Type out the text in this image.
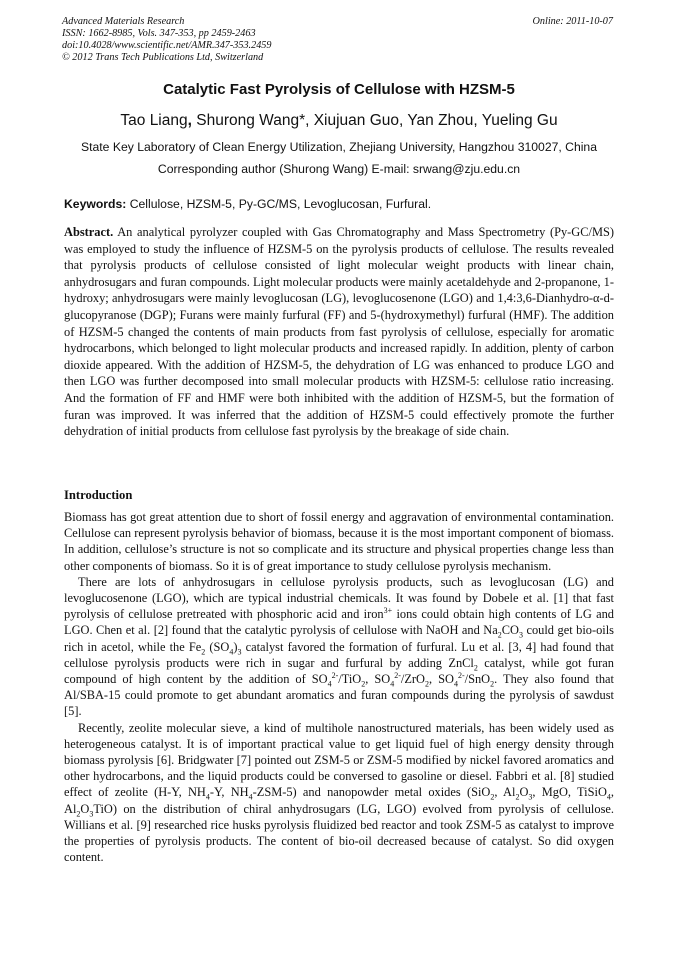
Advanced Materials Research
ISSN: 1662-8985, Vols. 347-353, pp 2459-2463
doi:10.4028/www.scientific.net/AMR.347-353.2459
© 2012 Trans Tech Publications Ltd, Switzerland
Online: 2011-10-07
Catalytic Fast Pyrolysis of Cellulose with HZSM-5
Tao Liang, Shurong Wang*, Xiujuan Guo, Yan Zhou, Yueling Gu
State Key Laboratory of Clean Energy Utilization, Zhejiang University, Hangzhou 310027, China
Corresponding author (Shurong Wang) E-mail: srwang@zju.edu.cn
Keywords: Cellulose, HZSM-5, Py-GC/MS, Levoglucosan, Furfural.
Abstract. An analytical pyrolyzer coupled with Gas Chromatography and Mass Spectrometry (Py-GC/MS) was employed to study the influence of HZSM-5 on the pyrolysis products of cellulose. The results revealed that pyrolysis products of cellulose consisted of light molecular weight products with linear chain, anhydrosugars and furan compounds. Light molecular products were mainly acetaldehyde and 2-propanone, 1-hydroxy; anhydrosugars were mainly levoglucosan (LG), levoglucosenone (LGO) and 1,4:3,6-Dianhydro-α-d-glucopyranose (DGP); Furans were mainly furfural (FF) and 5-(hydroxymethyl) furfural (HMF). The addition of HZSM-5 changed the contents of main products from fast pyrolysis of cellulose, especially for aromatic hydrocarbons, which belonged to light molecular products and increased rapidly. In addition, plenty of carbon dioxide appeared. With the addition of HZSM-5, the dehydration of LG was enhanced to produce LGO and then LGO was further decomposed into small molecular products with HZSM-5: cellulose ratio increasing. And the formation of FF and HMF were both inhibited with the addition of HZSM-5, but the formation of furan was improved. It was inferred that the addition of HZSM-5 could effectively promote the further dehydration of initial products from cellulose fast pyrolysis by the breakage of side chain.
Introduction

Biomass has got great attention due to short of fossil energy and aggravation of environmental contamination. Cellulose can represent pyrolysis behavior of biomass, because it is the most important component of biomass. In addition, cellulose’s structure is not so complicate and its structure and physical properties change less than other components of biomass. So it is of great importance to study cellulose pyrolysis mechanism.

There are lots of anhydrosugars in cellulose pyrolysis products, such as levoglucosan (LG) and levoglucosenone (LGO), which are typical industrial chemicals. It was found by Dobele et al. [1] that fast pyrolysis of cellulose pretreated with phosphoric acid and iron$^{3+}$ ions could obtain high contents of LG and LGO. Chen et al. [2] found that the catalytic pyrolysis of cellulose with NaOH and $Na_2CO_3$ could get bio-oils rich in acetol, while the $Fe_2$ $(SO_4)_3$ catalyst favored the formation of furfural. Lu et al. [3, 4] had found that cellulose pyrolysis products were rich in sugar and furfural by adding ZnCl$_2$ catalyst, while got furan compound of high content by the addition of $SO_4^{2-}/TiO_2$, $SO_4^{2-}/ZrO_2$, $SO_4^{2-}/SnO_2$. They also found that Al/SBA-15 could promote to get abundant aromatics and furan compounds during the pyrolysis of sawdust [5].

Recently, zeolite molecular sieve, a kind of multihole nanostructured materials, has been widely used as heterogeneous catalyst. It is of important practical value to get liquid fuel of high energy density through biomass pyrolysis [6]. Bridgwater [7] pointed out ZSM-5 or ZSM-5 modified by nickel favored aromatics and other hydrocarbons, and the liquid products could be conversed to gasoline or diesel. Fabbri et al. [8] studied effect of zeolite (H-Y, $NH_4-Y$, $NH_4-ZSM-5$) and nanopowder metal oxides (SiO$_2$, $Al_2O_3$, MgO, TiSiO$_4$, $Al_2O_3TiO$) on the distribution of chiral anhydrosugars (LG, LGO) evolved from pyrolysis of cellulose. Willians et al. [9] researched rice husks pyrolysis fluidized bed reactor and took ZSM-5 as catalyst to improve the properties of pyrolysis products. The content of bio-oil decreased because of catalyst. So did oxygen content.
